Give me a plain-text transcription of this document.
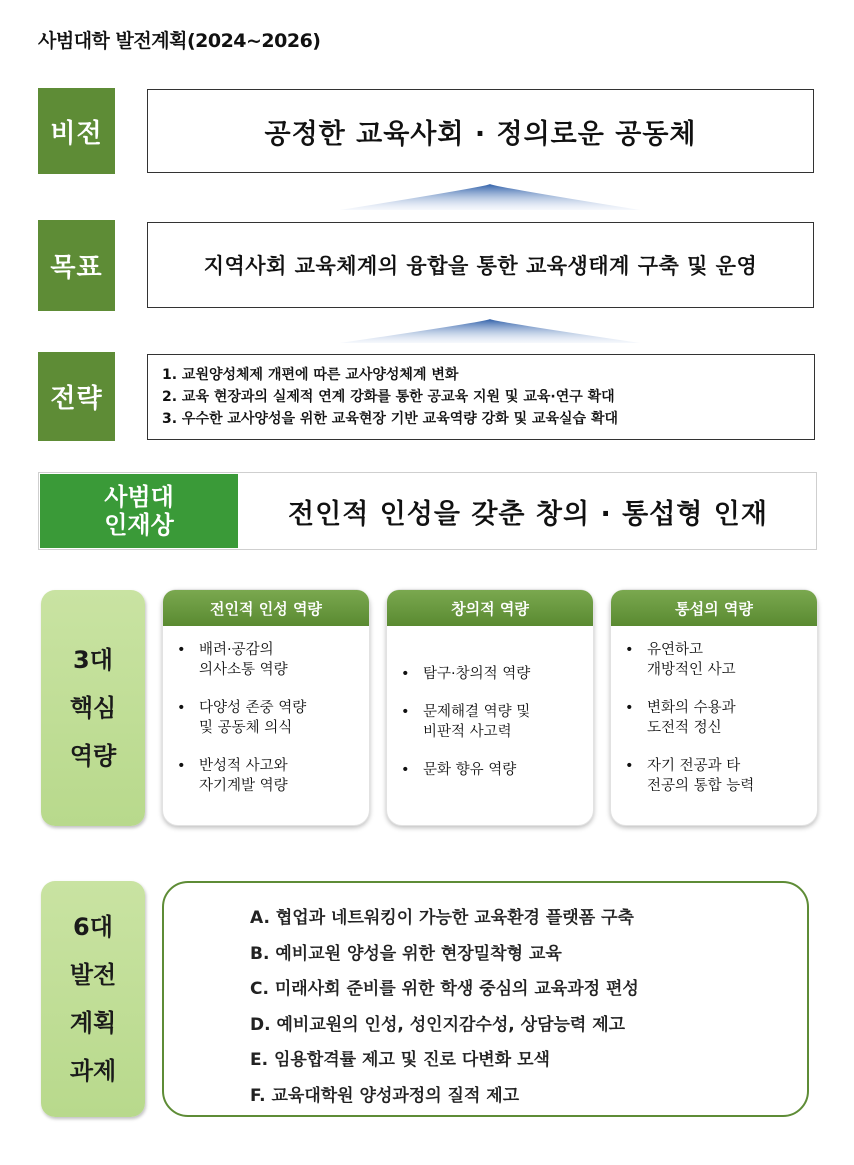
사범대학 발전계획(2024~2026)
비전	공정한 교육사회 · 정의로운 공동체
목표	지역사회 교육체계의 융합을 통한 교육생태계 구축 및 운영
전략
1. 교원양성체제 개편에 따른 교사양성체계 변화
2. 교육 현장과의 실제적 연계 강화를 통한 공교육 지원 및 교육·연구 확대
3. 우수한 교사양성을 위한 교육현장 기반 교육역량 강화 및 교육실습 확대
사범대
인재상	전인적 인성을 갖춘 창의 · 통섭형 인재
3대
핵심
역량
전인적 인성 역량
• 배려·공감의
의사소통 역량
• 다양성 존중 역량
및 공동체 의식
• 반성적 사고와
자기계발 역량
창의적 역량
• 탐구·창의적 역량
• 문제해결 역량 및
비판적 사고력
• 문화 향유 역량
통섭의 역량
• 유연하고
개방적인 사고
• 변화의 수용과
도전적 정신
• 자기 전공과 타
전공의 통합 능력
6대
발전
계획
과제
A. 협업과 네트워킹이 가능한 교육환경 플랫폼 구축
B. 예비교원 양성을 위한 현장밀착형 교육
C. 미래사회 준비를 위한 학생 중심의 교육과정 편성
D. 예비교원의 인성, 성인지감수성, 상담능력 제고
E. 임용합격률 제고 및 진로 다변화 모색
F. 교육대학원 양성과정의 질적 제고
